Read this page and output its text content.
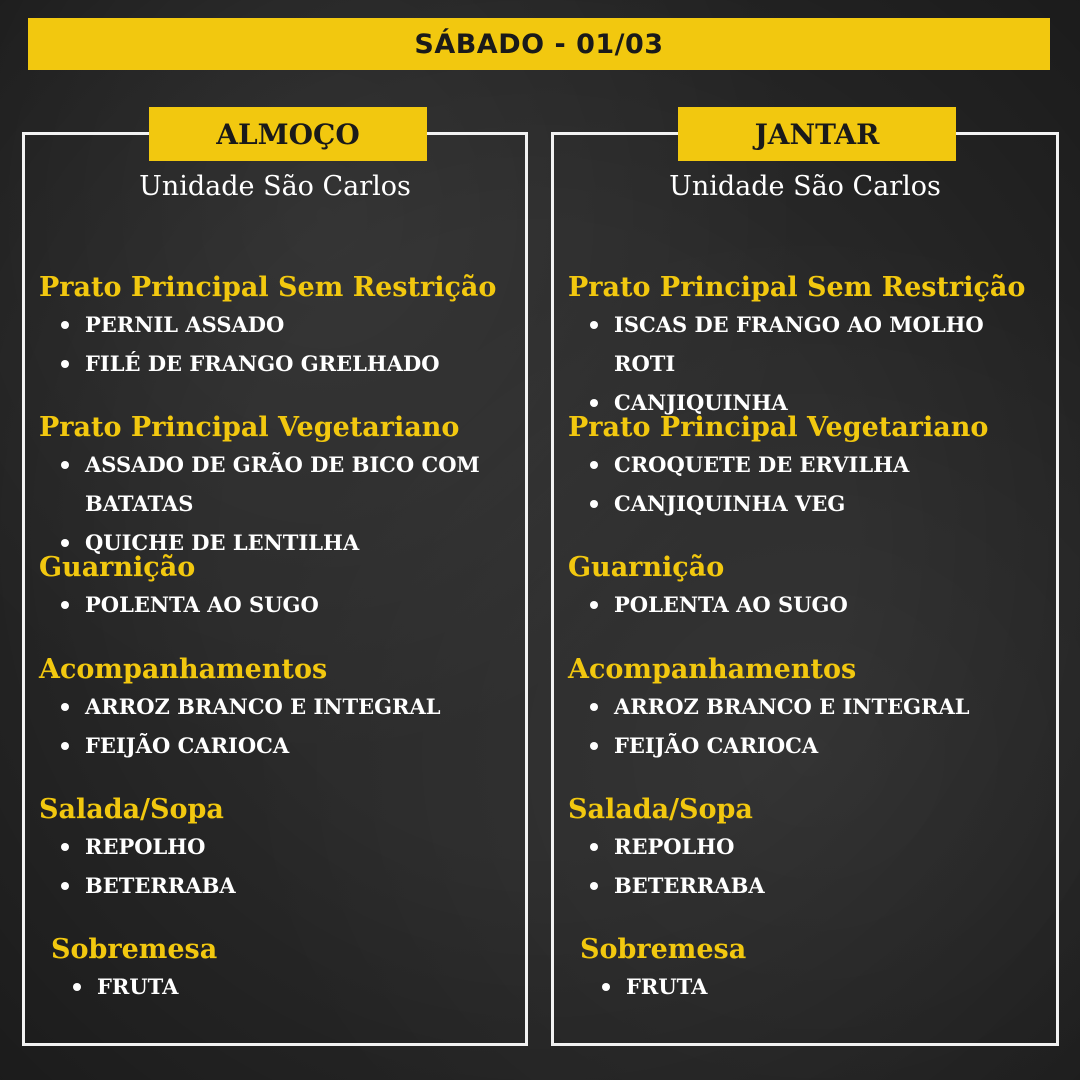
SÁBADO - 01/03
ALMOÇO
Unidade São Carlos
Prato Principal Sem Restrição
PERNIL ASSADO
FILÉ DE FRANGO GRELHADO
Prato Principal Vegetariano
ASSADO DE GRÃO DE BICO COM BATATAS
QUICHE DE LENTILHA
Guarnição
POLENTA AO SUGO
Acompanhamentos
ARROZ BRANCO E INTEGRAL
FEIJÃO CARIOCA
Salada/Sopa
REPOLHO
BETERRABA
Sobremesa
FRUTA
JANTAR
Unidade São Carlos
Prato Principal Sem Restrição
ISCAS DE FRANGO AO MOLHO ROTI
CANJIQUINHA
Prato Principal Vegetariano
CROQUETE DE ERVILHA
CANJIQUINHA VEG
Guarnição
POLENTA AO SUGO
Acompanhamentos
ARROZ BRANCO E INTEGRAL
FEIJÃO CARIOCA
Salada/Sopa
REPOLHO
BETERRABA
Sobremesa
FRUTA
